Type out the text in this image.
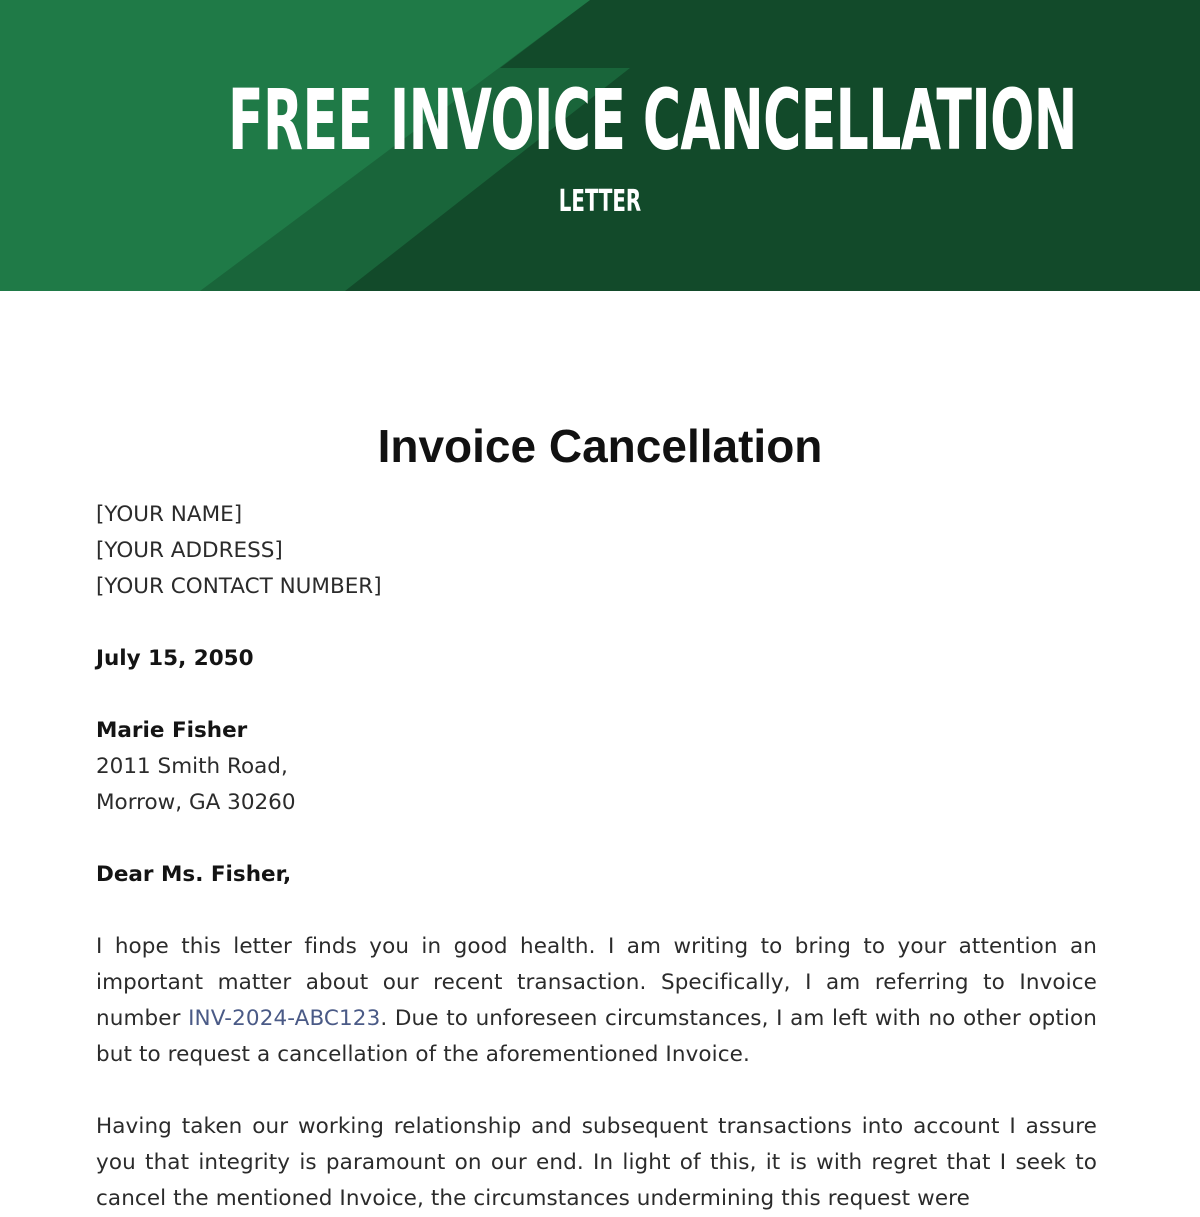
FREE INVOICE CANCELLATION
LETTER
Invoice Cancellation
[YOUR NAME]
[YOUR ADDRESS]
[YOUR CONTACT NUMBER]
July 15, 2050
Marie Fisher
2011 Smith Road,
Morrow, GA 30260
Dear Ms. Fisher,
I hope this letter finds you in good health. I am writing to bring to your attention an important matter about our recent transaction. Specifically, I am referring to Invoice number INV-2024-ABC123. Due to unforeseen circumstances, I am left with no other option but to request a cancellation of the aforementioned Invoice.
Having taken our working relationship and subsequent transactions into account I assure you that integrity is paramount on our end. In light of this, it is with regret that I seek to cancel the mentioned Invoice, the circumstances undermining this request were
